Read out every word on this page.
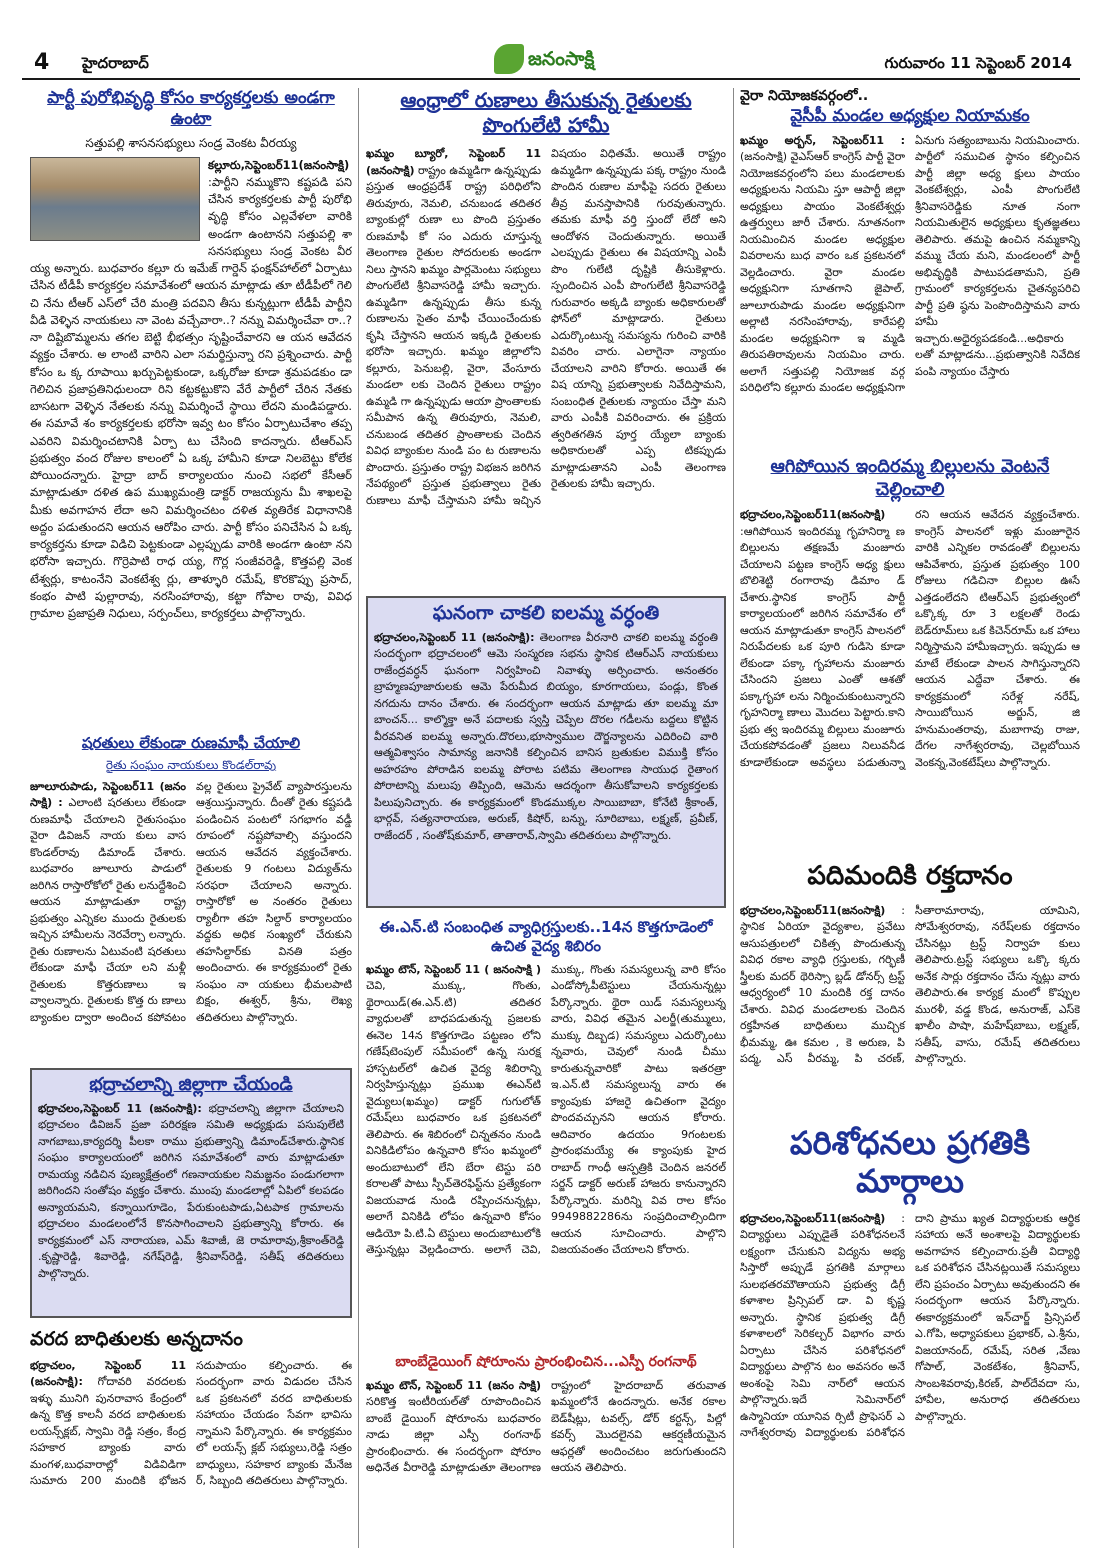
4 హైదరాబాద్	జనంసాక్షి	గురువారం 11 సెప్టెంబర్ 2014
పార్టీ పురోభివృద్ధి కోసం కార్యకర్తలకు అండగా ఉంటా
సత్తుపల్లి శాసనసభ్యులు సండ్ర వెంకట వీరయ్య

కల్లూరు,సెప్టెంబర్11(జనంసాక్షి) :పార్టీని నమ్ముకొని కష్టపడి పని చేసిన కార్యకర్తలకు పార్టీ పురోభి వృద్ధి కోసం ఎల్లవేళలా వారికి అండగా ఉంటానని సత్తుపల్లి శా సనసభ్యులు సండ్ర వెంకట వీర య్య అన్నారు. బుధవారం కల్లూ రు ఇమేజ్ గార్డెన్ ఫంక్షన్‌హాల్‌లో ఏర్పాటు చేసిన టీడీపీ కార్యకర్తల సమావేశంలో ఆయన మాట్లాడు తూ టీడీపీలో గెలి చి నేను టీఆర్ ఎస్‌లో చేరి మంత్రి పదవిని తీసు కున్నట్లుగా టీడీపీ పార్టీని వీడి వెళ్ళిన నాయకులు నా వెంట వచ్చేవారా..? నన్ను విమర్శించేవా రా..? నా దిష్టిబొమ్మలను తగల బెట్టి భీభత్సం సృష్టించేవారని ఆ యన ఆవేదన వ్యక్తం చేశారు. అ లాంటి వారిని ఎలా సమర్థిస్తున్నా రని ప్రశ్నించారు. పార్టీ కోసం ఒ క్క రూపాయి ఖర్చుపెట్టకుండా, ఒక్కరోజు కూడా శ్రమపడకుం డా గెలిచిన ప్రజాప్రతినిధులందా రిని కట్టకట్టుకొని వేరే పార్టీలో చేరిన నేతకు బాసటగా వెళ్ళిన నేతలకు నన్ను విమర్శించే స్థాయి లేదని మండిపడ్డారు. ఈ సమావే శం కార్యకర్తలకు భరోసా ఇవ్వ టం కోసం ఏర్పాటుచేశాం తప్ప ఎవరిని విమర్శించటానికి ఏర్పా టు చేసింది కాదన్నారు. టీఆర్‌ఎస్ ప్రభుత్వం వంద రోజుల కాలంలో ఏ ఒక్క హామీని కూడా నిలబెట్టు కోలేక పోయిందన్నారు. హైద్రా బాద్ కార్యాలయం నుంచి సభలో కేసీఆర్ మాట్లాడుతూ దళిత ఉప ముఖ్యమంత్రి డాక్టర్ రాజయ్యను మీ శాఖలపై మీకు అవగాహన లేదా అని విమర్శించటం దళిత వ్యతిరేక విధానానికి అద్దం పడుతుందని ఆయన ఆరోపిం చారు. పార్టీ కోసం పనిచేసిన ఏ ఒక్క కార్యకర్తను కూడా విడిచి పెట్టకుండా ఎల్లప్పుడు వారికి అండగా ఉంటా నని భరోసా ఇచ్చారు. గొర్రెపాటి రాధ య్య, గొర్ల సంజీవరెడ్డి, కొత్తపల్లి వెంక టేశ్వర్లు, కాటంనేని వెంకటేశ్వ ర్లు, తాళ్ళూరి రమేష్, కొరకొప్పు ప్రసాద్, కంభం పాటి పుల్లారావు, నరసింహారావు, కట్టా గోపాల రావు, వివిధ గ్రామాల ప్రజాప్రతి నిధులు, సర్పంచ్‌లు, కార్యకర్తలు పాల్గొన్నారు.

షరతులు లేకుండా రుణమాఫీ చేయాలి
రైతు సంఘం నాయకులు కొండల్‌రావు

జూలూరుపాడు, సెప్టెంబర్11 (జనం సాక్షి) : ఎలాంటి షరతులు లేకుండా రుణమాఫీ చేయాలని రైతుసంఘం వైరా డివిజన్ నాయ కులు వాస కొండల్‌రావు డిమాండ్ చేశారు. బుధవారం జూలూరు పాడులో జరిగిన రాస్తారోకోలో రైతు లనుద్దేశించి ఆయన మాట్లాడుతూ రాష్ట్ర ప్రభుత్వం ఎన్నికల ముందు రైతులకు ఇచ్చిన హామీలను నెరవేర్చా లన్నారు. రైతు రుణాలను ఏటువంటి షరతులు లేకుండా మాఫీ చేయా లని మళ్లీ రైతులకు కొత్తరుణాలు ఇ వ్వాలన్నారు. రైతులకు కొత్త రు ణాలు బ్యాంకుల ద్వారా అందించ కపోవటం వల్ల రైతులు ప్రైవేట్ వ్యాపారస్తులను ఆశ్రయిస్తున్నారు. దీంతో రైతు కష్టపడి పండించిన పంటలో సగభాగం వడ్డీ రూపంలో నష్టపోవాల్సి వస్తుందని ఆయన ఆవేదన వ్యక్తంచేశారు. రైతులకు 9 గంటలు విద్యుత్‌ను సరఫరా చేయాలని అన్నారు. రాస్తారోకో అ నంతరం రైతులు ర్యాలీగా తహ సిల్దార్ కార్యాలయం వద్దకు అధిక సంఖ్యలో చేరుకుని తహసిల్దార్‌కు వినతి పత్రం అందించారు. ఈ కార్యక్రమంలో రైతు సంఘం నా యకులు భీమలపాటి బిక్షం, ఈశ్వర్, శ్రీను, లెఖ్య తదితరులు పాల్గొన్నారు.

భద్రాచలాన్ని జిల్లాగా చేయండి

భద్రాచలం,సెప్టెంబర్ 11 (జనంసాక్షి): భద్రాచలాన్ని జిల్లాగా చేయాలని భద్రాచలం డివిజన్ ప్రజా పరిరక్షణ సమితి అధ్యక్షుడు పసుపులేటి నాగబాబు,కార్యదర్శి పీలకా రాము ప్రభుత్వాన్ని డిమాండ్‌చేశారు.స్థానిక సంఘం కార్యాలయంలో జరిగిన సమావేశంలో వారు మాట్లాడుతూ రామయ్య నడిచిన పుణ్యక్షేత్రంలో గణనాయకుల నిమజ్జనం పండుగలాగా జరిగిందని సంతోషం వ్యక్తం చేశారు. ముంపు మండలాల్లో ఏపిలో కలపడం అన్యాయమని, కన్నాయిగూడెం, పేరుకుంటపాడు,ఏటపాక గ్రామాలను భద్రాచలం మండలంలోనే కొనసాగించాలని ప్రభుత్వాన్ని కోరారు. ఈ కార్యక్రమంలో ఎస్ నారాయణ, ఎమ్ శివాజీ, జె రామారావు,శ్రీకాంత్‌రెడ్డి .కృష్ణారెడ్డి, శివారెడ్డి, నగేష్‌రెడ్డి, శ్రీనివాస్‌రెడ్డి, సతీష్ తదితరులు పాల్గొన్నారు.

వరద బాధితులకు అన్నదానం

భద్రాచలం, సెప్టెంబర్ 11 (జనంసాక్షి): గోదావరి వరదలకు ఇళ్ళు మునిగి పునరావాస కేంద్రంలో ఉన్న కొత్త కాలనీ వరద బాధితులకు లయన్స్‌క్లబ్, స్వామి రెడ్డి సత్రం, కేంద్ర సహకార బ్యాంకు వారు మంగళ,బుధవారాల్లో విడివిడిగా సుమారు 200 మందికి భోజన సదుపాయం కల్పించారు. ఈ సందర్భంగా వారు విడుదల చేసిన ఒక ప్రకటనలో వరద బాధితులకు సహాయం చేయడం సేవగా భావిసు న్నామని పేర్కొన్నారు. ఈ కార్యక్రమం లో లయన్స్ క్లబ్ సభ్యులు,రెడ్డి సత్రం బాధ్యులు, సహకార బ్యాంకు మేనేజ ర్, సిబ్బంది తదితరులు పాల్గొన్నారు.

ఆంధ్రాలో రుణాలు తీసుకున్న రైతులకు పొంగులేటి హామీ

ఖమ్మం బ్యూరో, సెప్టెంబర్ 11 (జనంసాక్షి) రాష్ట్రం ఉమ్మడిగా ఉన్నప్పుడు ప్రస్తుత ఆంధ్రప్రదేశ్ రాష్ట్ర పరిధిలోని తిరువూరు, నెమలి, చనుబండ తదితర బ్యాంకుల్లో రుణా లు పొంది ప్రస్తుతం రుణమాఫీ కో సం ఎదురు చూస్తున్న తెలంగాణ రైతుల సోదరులకు అండగా నిలు స్తానని ఖమ్మం పార్లమెంటు సభ్యులు పొంగులేటి శ్రీనివాసరెడ్డి హామీ ఇచ్చారు. ఉమ్మడిగా ఉన్నప్పుడు తీసు కున్న రుణాలను సైతం మాఫీ చేయించేందుకు కృషి చేస్తానని ఆయన ఇక్కడి రైతులకు భరోసా ఇచ్చారు. ఖమ్మం జిల్లాలోని కల్లూరు, పెనుబల్లి, వైరా, వేంసూరు మండలా లకు చెందిన రైతులు రాష్ట్రం ఉమ్మడి గా ఉన్నప్పుడు ఆయా ప్రాంతాలకు సమీపాన ఉన్న తిరువూరు, నెమలి, చనుబండ తదితర ప్రాంతాలకు చెందిన వివిధ బ్యాంకుల నుండి పం ట రుణాలను పొందారు. ప్రస్తుతం రాష్ట్ర విభజన జరిగిన నేపథ్యంలో ప్రస్తుత ప్రభుత్వాలు రైతు రుణాలు మాఫీ చేస్తామని హామీ ఇచ్చిన విషయం విధితమే. అయితే రాష్ట్రం ఉమ్మడిగా ఉన్నప్పుడు పక్క రాష్ట్రం నుండి పొందిన రుణాల మాఫీపై సదరు రైతులు తీవ్ర మనస్తాపానికి గురవుతున్నారు. తమకు మాఫీ వర్తి స్తుందో లేదో అని ఆందోళన చెందుతున్నారు. అయితే ఎలప్పుడు రైతులు ఈ విషయాన్ని ఎంపీ పొం గులేటి దృష్టికి తీసుకెళ్లారు. స్పందించిన ఎంపీ పొంగులేటి శ్రీనివాసరెడ్డి గురువారం అక్కడి బ్యాంకు అధికారులతో ఫోన్‌లో మాట్లాడారు. రైతులు ఎదుర్కొంటున్న సమస్యను గురించి వారికి వివరిం చారు. ఎలాగైనా న్యాయం చేయాలని వారిని కోరారు. అయితే ఈ విష యాన్ని ప్రభుత్వాలకు నివేదిస్తామని, సంబంధిత రైతులకు న్యాయం చేస్తా మని వారు ఎంపీకి వివరించారు. ఈ ప్రక్రియ త్వరితగతిన పూర్త య్యేలా బ్యాంకు అధికారులతో ఎప్ప టికప్పుడు మాట్లాడుతానని ఎంపీ తెలంగాణ రైతులకు హామీ ఇచ్చారు.

ఘనంగా చాకలి ఐలమ్మ వర్ధంతి

భద్రాచలం,సెప్టెంబర్ 11 (జనంసాక్షి): తెలంగాణ వీరనారి చాకలి ఐలమ్మ వర్ధంతి సందర్భంగా భద్రాచలంలో ఆమె సంస్మరణ సభను స్థానిక టిఆర్‌ఎస్ నాయకులు రాజేంద్రవర్ధన్ ఘనంగా నిర్వహించి నివాళ్ళు అర్పించారు. అనంతరం బ్రాహ్మణపూజారులకు ఆమె పేరుమీద బియ్యం, కూరగాయలు, పండ్లు, కొంత నగదును దానం చేశారు. ఈ సందర్భంగా ఆయన మాట్లాడు తూ ఐలమ్మ మా బాంచన్... కాల్మొక్తా అనే పదాలకు స్వస్తి చెప్పేల దొరల గడీలను బద్దలు కొట్టిన వీరవనిత ఐలమ్మ అన్నారు.దొరలు,భూస్వాముల దౌర్జన్యాలను ఎదిరించి వారి ఆత్మవిశ్వాసం సామాన్య జనానికి కల్పించిన బానిస బ్రతుకుల విముక్తి కోసం అహరహం పోరాడిన ఐలమ్మ పోరాట పటిమ తెలంగాణ సాయుధ రైతాంగ పోరాటాన్ని మలుపు తిప్పింది, ఆమెను ఆదర్శంగా తీసుకోవాలని కార్యకర్తలకు పిలుపునిచ్చారు. ఈ కార్యక్రమంలో కొండముక్కల సాయిబాబా, కోనేటి శ్రీకాంత్, భార్గవ్, సత్యనారాయణ, అరుణ్, కిషోర్, బన్ను, సూరిబాబు, లక్ష్మణ్, ప్రవీణ్, రాజేందర్ , సంతోష్‌కుమార్, తాతారావ్,స్వామి తదితరులు పాల్గొన్నారు.

ఈ.ఎన్.టి సంబంధిత వ్యాధిగ్రస్తులకు..14న కొత్తగూడెంలో ఉచిత వైద్య శిబిరం

ఖమ్మం టౌన్, సెప్టెంబర్ 11 ( జనంసాక్షి ) చెవి, ముక్కు, గొంతు, థైరాయిడ్(ఈ.ఎన్.టి) తదితర వ్యాధులతో బాధపడుతున్న ప్రజలకు ఈనెల 14న కొత్తగూడెం పట్టణం లోని గణేష్‌టెంపుల్ సమీపంలో ఉన్న సురక్ష హాస్పటల్‌లో ఉచిత వైద్య శిబిరాన్ని నిర్వహిస్తున్నట్లు ప్రముఖ ఈఎన్‌టి వైద్యులు(ఖమ్మం) డాక్టర్ గుగులోత్ రమేష్‌లు బుధవారం ఒక ప్రకటనలో తెలిపారు. ఈ శిబిరంలో చిన్నతనం నుండి వినికిడిలోపం ఉన్నవారి కోసం ఖమ్మంలో అందుబాటులో లేని బేరా టెస్టు పరి కరాలతో పాటు స్పీచ్‌తెరఫిస్ట్‌ను ప్రత్యేకంగా విజయవాడ నుండి రప్పించనున్నట్లు, అలాగే వినికిడి లోపం ఉన్నవారి కోసం ఆడియో పి.టి.ఏ టెస్టులు అందుబాటులోకి తెస్తున్నట్లు వెల్లడించారు. అలాగే చెవి, ముక్కు, గొంతు సమస్యలున్న వారి కోసం ఎండోస్కోపీటెస్టులు చేయనున్నట్లు పేర్కొన్నారు. థైరా యిడ్ సమస్యలున్న వారు, వివిధ తమైన ఎలర్జీ(తుమ్ములు, ముక్కు దిబ్బడ) సమస్యలు ఎదుర్కొంటు న్నవారు, చెవులో నుండి చీము కారుతున్నవారికో పాటు ఇతరత్రా ఇ.ఎన్.టి సమస్యలున్న వారు ఈ క్యాంపుకు హాజరై ఉచితంగా వైద్యం పొందవచ్చునని ఆయన కోరారు. ఆదివారం ఉదయం 9గంటలకు ప్రారంభమయ్యే ఈ క్యాంపుకు హైద రాబాద్ గాంధీ ఆస్పత్రికి చెందిన జనరల్ సర్జన్ డాక్టర్ అరుణ్ హాజరు కానున్నారని పేర్కొన్నారు. మరిన్ని వివ రాల కోసం 9949882286ను సంప్రదించాల్సిందిగా ఆయన సూచించారు. పాల్గొని విజయవంతం చేయాలని కోరారు.

బాంబేడైయింగ్ షోరూంను ప్రారంభించిన...ఎస్పీ రంగనాథ్

ఖమ్మం టౌన్, సెప్టెంబర్ 11 (జనం సాక్షి) సరికొత్త ఇంటీరియల్‌తో రూపొందించిన బాంబే డైయింగ్ షోరూంను బుధవారం నాడు జిల్లా ఎస్పీ రంగనాథ్ ప్రారంభించారు. ఈ సందర్భంగా షోరూం అధినేత వీరారెడ్డి మాట్లాడుతూ తెలంగాణ రాష్ట్రంలో హైదరాబాద్ తరువాత ఖమ్మంలోనే ఉందన్నారు. అనేక రకాల బెడ్‌షీట్లు, టవల్స్, డోర్ కర్టన్స్, పిల్లో కవర్స్ మొదలైనవి ఆకర్షణీయమైన ఆఫర్లతో అందించటం జరుగుతుందని ఆయన తెలిపారు.

వైరా నియోజకవర్గంలో..
వైసీపీ మండల అధ్యక్షుల నియామకం

ఖమ్మం అర్బన్, సెప్టెంబర్11 : (జనంసాక్షి) వైఎస్‌ఆర్ కాంగ్రెస్ పార్టీ వైరా నియోజకవర్గంలోని పలు మండలాలకు అధ్యక్షులను నియమి స్తూ ఆపార్టీ జిల్లా అధ్యక్షులు పాయం వెంకటేశ్వర్లు ఉత్తర్వులు జారీ చేశారు. నూతనంగా నియమించిన మండల అధ్యక్షుల వివరాలను బుధ వారం ఒక ప్రకటనలో వెల్లడించారు. వైరా మండల అధ్యక్షునిగా సూతగాని జైపాల్, జూలూరుపాడు మండల అధ్యక్షునిగా అల్లాటి నరసింహారావు, కారేపల్లి మండల అధ్యక్షునిగా ఇ మ్మడి తిరుపతిరావులను నియమిం చారు. అలాగే సత్తుపల్లి నియోజక వర్గ పరిధిలోని కల్లూరు మండల అధ్యక్షునిగా ఏనుగు సత్యంబాబును నియమించారు. పార్టీలో సముచిత స్థానం కల్పించిన పార్టీ జిల్లా అధ్య క్షులు పాయం వెంకటేశ్వర్లు, ఎంపీ పొంగులేటి శ్రీనివాసరెడ్డికు నూత నంగా నియమితులైన అధ్యక్షులు కృతజ్ఞతలు తెలిపారు. తమపై ఉంచిన నమ్మకాన్ని వమ్ము చేయ మని, మండలంలో పార్టీ అభివృద్ధికి పాటుపడతామని, ప్రతి గ్రామంలో కార్యకర్తలను చైతన్యపరిచి పార్టీ ప్రతి ష్ఠను పెంపొందిస్తామని వారు హామీ ఇచ్చారు.అధైర్యపడకండి...అధికారు లతో మాట్లాడను...ప్రభుత్వానికి నివేదిక పంపి న్యాయం చేస్తారు

ఆగిపోయిన ఇందిరమ్మ బిల్లులను వెంటనే చెల్లించాలి

భద్రాచలం,సెప్టెంబర్11(జనంసాక్షి) :ఆగిపోయిన ఇందిరమ్మ గృహనిర్మా ణ బిల్లులను తక్షణమే మంజూరు చేయాలని పట్టణ కాంగ్రెస్ అధ్య క్షులు బొలిశెట్టి రంగారావు డిమాం డ్ చేశారు.స్థానిక కాంగ్రెస్ పార్టీ కార్యాలయంలో జరిగిన సమావేశం లో ఆయన మాట్లాడుతూ కాంగ్రెస్ పాలనలో నిరుపేదలకు ఒక పూరి గుడిసె కూడా లేకుండా పక్కా గృహాలను మంజూరు చేసిందని ప్రజలు ఎంతో ఆశతో పక్కాగృహా లను నిర్మించుకుంటున్నారని గృహనిర్మా ణాలు మొదలు పెట్టారు.కాని ప్రభు త్వ ఇందిరమ్మ బిల్లులు మంజూరు చేయకపోవడంతో ప్రజలు నిలువనీడ కూడాలేకుండా అవస్థలు పడుతున్నా రని ఆయన ఆవేదన వ్యక్తంచేశారు. కాంగ్రెస్ పాలనలో ఇళ్లు మంజూరైన వారికి ఎన్నికల రావడంతో బిల్లులను ఆపివేశారు, ప్రస్తుత ప్రభుత్వం 100 రోజులు గడిచినా బిల్లుల ఊసే ఎత్తడంలేదని టిఆర్‌ఎస్ ప్రభుత్వంలో ఒక్కొక్క రూ 3 లక్షలతో రెండు బెడ్‌రూమ్‌లు ఒక కిచెన్‌రూమ్ ఒక హాలు నిర్మిస్తామని హామీఇచ్చారు. ఇప్పుడు ఆ మాటే లేకుండా పాలన సాగిస్తున్నారని ఆయన ఎద్దేవా చేశారు. ఈ కార్యక్రమంలో సరేళ్ల నరేష్, సాయిబోయిన అర్జున్, జి హనుమంతరావు, మబాగావు రాజు, దేగల నాగేశ్వరరావు, చెల్లబోయిన వెంకన్న,వెంకటేష్‌లు పాల్గొన్నారు.

పదిమందికి రక్తదానం

భద్రాచలం,సెప్టెంబర్11(జనంసాక్షి) : స్థానిక ఏరియా వైద్యశాల, ప్రవేటు ఆసుపత్రులలో చికిత్స పొందుతున్న వివిధ రకాల వ్యాధి గ్రస్తులకు, గర్భిణీ స్త్రీలకు మదర్ థెరిస్సా బ్లడ్ డోనర్స్ ట్రస్ట్ ఆధ్వర్యంలో 10 మందికి రక్త దానం చేశారు. వివిధ మండలాలకు చెందిన రక్తహీనత బాధితులు ముచ్చిక భీమమ్మ, ఊ కమల , కె అరుణ, పి పద్మ, ఎస్ వీరమ్మ, పి చరణ్, సీతారామారావు, యామిని, సోమేశ్వరరావు, నరేష్‌లకు రక్తదానం చేసినట్లు ట్రస్ట్ నిర్వాహ కులు తెలిపారు.ట్రస్ట్ సభ్యులు ఒక్కొ క్కరు అనేక సార్లు రక్తదానం చేసు న్నట్లు వారు తెలిపారు.ఈ కార్యక్ర మంలో కొప్పుల మురళీ, వడ్డ కొండ, అనురాజ్, ఎస్‌కె ఖాలీం పాషా, మహేష్‌బాబు, లక్ష్మణ్, సతీష్, వాసు, రమేష్ తదితరులు పాల్గొన్నారు.

పరిశోధనలు ప్రగతికి మార్గాలు

భద్రాచలం,సెప్టెంబర్11(జనంసాక్షి) : విద్యార్థులు ఎప్పుడైతే పరిశోధనలనే లక్ష్యంగా చేసుకుని విద్యను అభ్య సిస్తారో అప్పుడే ప్రగతికి మార్గాలు సులభతరమౌతాయని ప్రభుత్వ డిగ్రీ కళాశాల ప్రిన్సిపల్ డా. వి కృష్ణ అన్నారు. స్థానిక ప్రభుత్వ డిగ్రీ కళాశాలలో సెరికల్చర్ విభాగం వారు ఏర్పాటు చేసిన పరిశోధనలో విద్యార్థులు పాల్గొన టం అవసరం అనే అంశంపై సెమి నార్‌లో ఆయన పాల్గొన్నారు.ఇదే సెమినార్‌లో ఉస్మానియా యూనివ ర్సిటీ ప్రొఫెసర్ ఎ నాగేశ్వరరావు విద్యార్థులకు పరిశోధన దాని ప్రాము ఖ్యత విద్యార్థులకు ఆర్థిక సహాయ అనే అంశాలపై విద్యార్థులకు అవగాహన కల్పించారు.ప్రతీ విద్యార్థి ఒక పరిశోధన చేసినట్లయితే సమస్యలు లేని ప్రపంచం ఏర్పాటు అవుతుందని ఈ సందర్భంగా ఆయన పేర్కొన్నారు. ఈకార్యక్రమంలో ఇన్‌చార్జ్ ప్రిన్సిపల్ ఎ.గోపి, అధ్యాపకులు ప్రభాకర్, ఎ.శ్రీను, విజయానంద్, రమేష్, సరిత ,వేణు గోపాల్, వెంకటేశం, శ్రీనివాస్, సాంబశివరావు,కిరణ్, పాల్‌దేవదా సు, హావీల, అనురాధ తదితరులు పాల్గొన్నారు.
